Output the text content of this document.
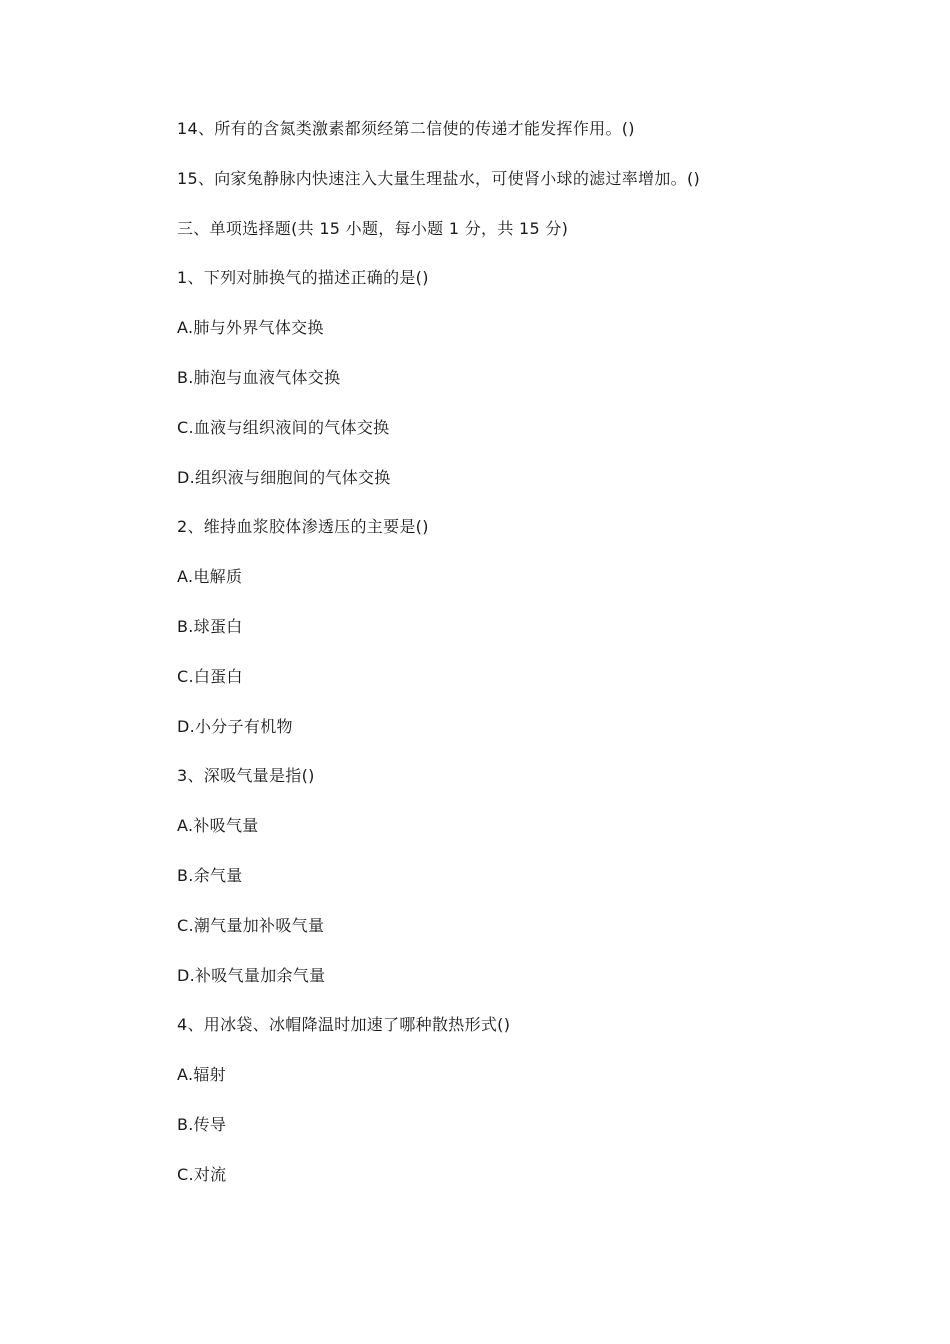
14、所有的含氮类激素都须经第二信使的传递才能发挥作用。()
15、向家兔静脉内快速注入大量生理盐水，可使肾小球的滤过率增加。()
三、单项选择题(共 15 小题，每小题 1 分，共 15 分)
1、下列对肺换气的描述正确的是()
A.肺与外界气体交换
B.肺泡与血液气体交换
C.血液与组织液间的气体交换
D.组织液与细胞间的气体交换
2、维持血浆胶体渗透压的主要是()
A.电解质
B.球蛋白
C.白蛋白
D.小分子有机物
3、深吸气量是指()
A.补吸气量
B.余气量
C.潮气量加补吸气量
D.补吸气量加余气量
4、用冰袋、冰帽降温时加速了哪种散热形式()
A.辐射
B.传导
C.对流
